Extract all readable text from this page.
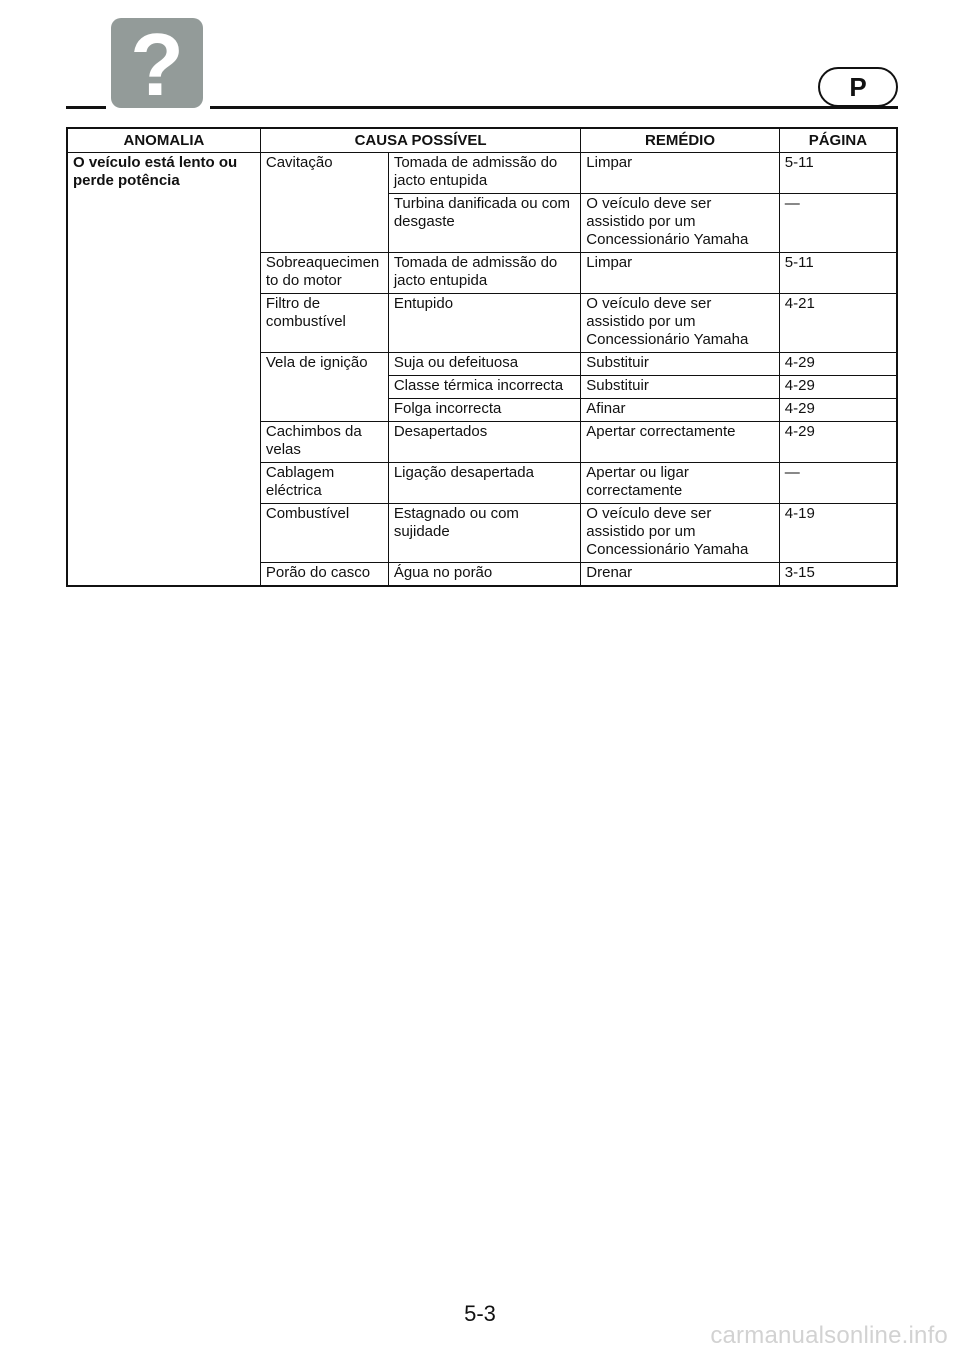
?	P
ANOMALIA	CAUSA POSSÍVEL		REMÉDIO	PÁGINA
O veículo está lento ou perde potência	Cavitação	Tomada de admissão do jacto entupida	Limpar	5-11
		Turbina danificada ou com desgaste	O veículo deve ser assistido por um Concessionário Yamaha	—
	Sobreaquecimen to do motor	Tomada de admissão do jacto entupida	Limpar	5-11
	Filtro de combustível	Entupido	O veículo deve ser assistido por um Concessionário Yamaha	4-21
	Vela de ignição	Suja ou defeituosa	Substituir	4-29
		Classe térmica incorrecta	Substituir	4-29
		Folga incorrecta	Afinar	4-29
	Cachimbos da velas	Desapertados	Apertar correctamente	4-29
	Cablagem eléctrica	Ligação desapertada	Apertar ou ligar correctamente	—
	Combustível	Estagnado ou com sujidade	O veículo deve ser assistido por um Concessionário Yamaha	4-19
	Porão do casco	Água no porão	Drenar	3-15
5-3
carmanualsonline.info
